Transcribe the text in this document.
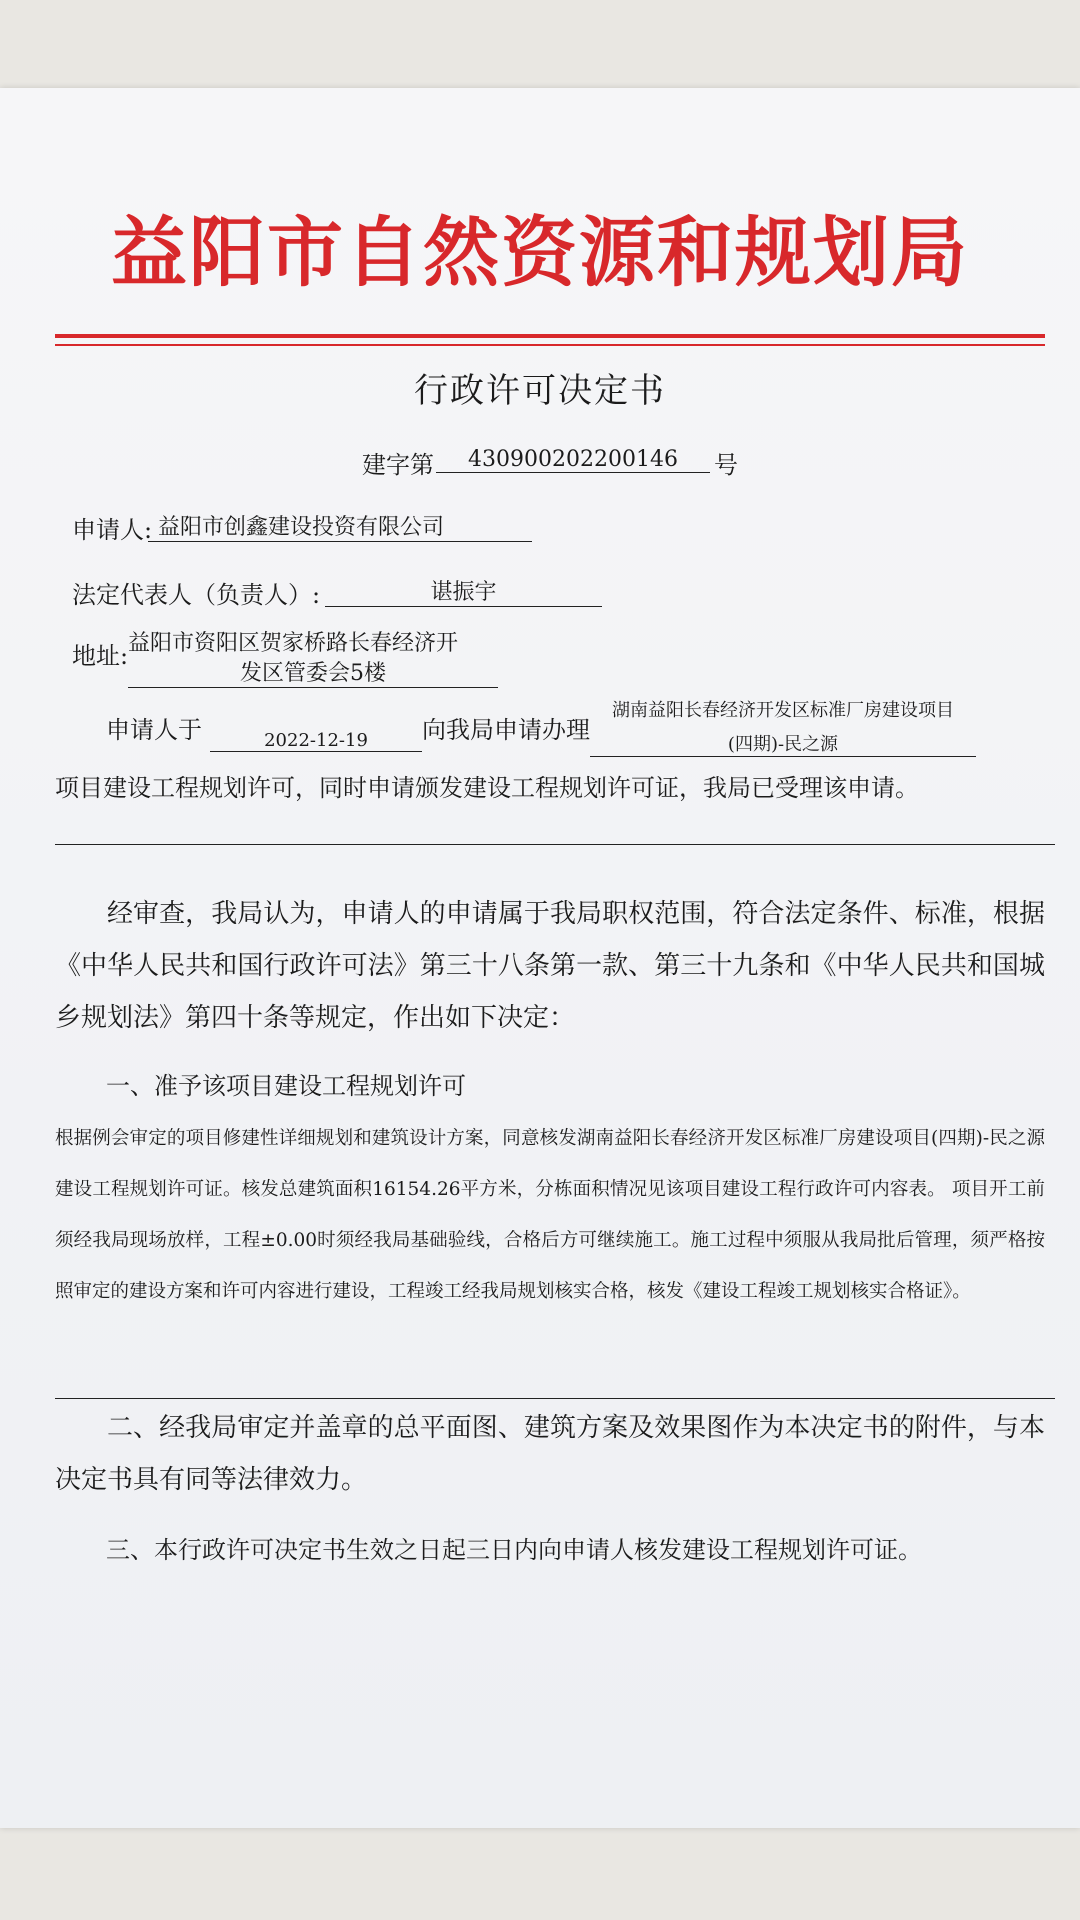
益阳市自然资源和规划局
行政许可决定书
建字第	430900202200146	号
申请人: 益阳市创鑫建设投资有限公司
法定代表人（负责人）:	谌振宇
地址: 益阳市资阳区贺家桥路长春经济开
发区管委会5楼
申请人于	2022-12-19	向我局申请办理
湖南益阳长春经济开发区标准厂房建设项目
(四期)-民之源
项目建设工程规划许可，同时申请颁发建设工程规划许可证，我局已受理该申请。

经审查，我局认为，申请人的申请属于我局职权范围，符合法定条件、标准，根据《中华人民共和国行政许可法》第三十八条第一款、第三十九条和《中华人民共和国城乡规划法》第四十条等规定，作出如下决定：

一、准予该项目建设工程规划许可

根据例会审定的项目修建性详细规划和建筑设计方案，同意核发湖南益阳长春经济开发区标准厂房建设项目(四期)-民之源建设工程规划许可证。核发总建筑面积16154.26平方米，分栋面积情况见该项目建设工程行政许可内容表。 项目开工前须经我局现场放样，工程±0.00时须经我局基础验线，合格后方可继续施工。施工过程中须服从我局批后管理，须严格按照审定的建设方案和许可内容进行建设，工程竣工经我局规划核实合格，核发《建设工程竣工规划核实合格证》。

二、经我局审定并盖章的总平面图、建筑方案及效果图作为本决定书的附件，与本决定书具有同等法律效力。

三、本行政许可决定书生效之日起三日内向申请人核发建设工程规划许可证。
